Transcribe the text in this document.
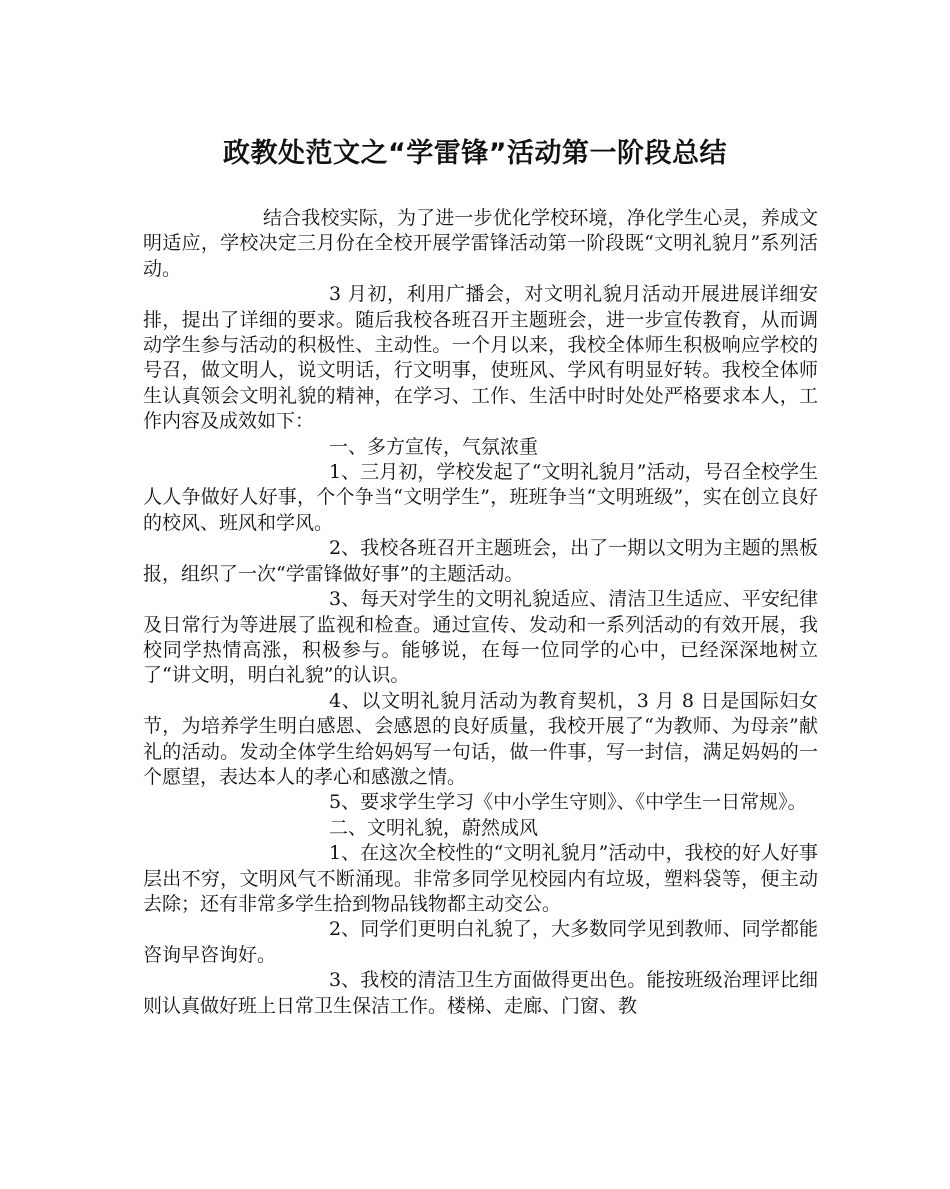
政教处范文之“学雷锋”活动第一阶段总结

结合我校实际，为了进一步优化学校环境，净化学生心灵，养成文明适应，学校决定三月份在全校开展学雷锋活动第一阶段既“文明礼貌月”系列活动。

3 月初，利用广播会，对文明礼貌月活动开展进展详细安排，提出了详细的要求。随后我校各班召开主题班会，进一步宣传教育，从而调动学生参与活动的积极性、主动性。一个月以来，我校全体师生积极响应学校的号召，做文明人，说文明话，行文明事，使班风、学风有明显好转。我校全体师生认真领会文明礼貌的精神，在学习、工作、生活中时时处处严格要求本人，工作内容及成效如下：

一、多方宣传，气氛浓重

1、三月初，学校发起了“文明礼貌月”活动，号召全校学生人人争做好人好事，个个争当“文明学生”，班班争当“文明班级”，实在创立良好的校风、班风和学风。

2、我校各班召开主题班会，出了一期以文明为主题的黑板报，组织了一次“学雷锋做好事”的主题活动。

3、每天对学生的文明礼貌适应、清洁卫生适应、平安纪律及日常行为等进展了监视和检查。通过宣传、发动和一系列活动的有效开展，我校同学热情高涨，积极参与。能够说，在每一位同学的心中，已经深深地树立了“讲文明，明白礼貌”的认识。

4、以文明礼貌月活动为教育契机，3 月 8 日是国际妇女节，为培养学生明白感恩、会感恩的良好质量，我校开展了“为教师、为母亲”献礼的活动。发动全体学生给妈妈写一句话，做一件事，写一封信，满足妈妈的一个愿望，表达本人的孝心和感激之情。

5、要求学生学习《中小学生守则》、《中学生一日常规》。

二、文明礼貌，蔚然成风

1、在这次全校性的“文明礼貌月”活动中，我校的好人好事层出不穷，文明风气不断涌现。非常多同学见校园内有垃圾，塑料袋等，便主动去除；还有非常多学生拾到物品钱物都主动交公。

2、同学们更明白礼貌了，大多数同学见到教师、同学都能咨询早咨询好。

3、我校的清洁卫生方面做得更出色。能按班级治理评比细则认真做好班上日常卫生保洁工作。楼梯、走廊、门窗、教
